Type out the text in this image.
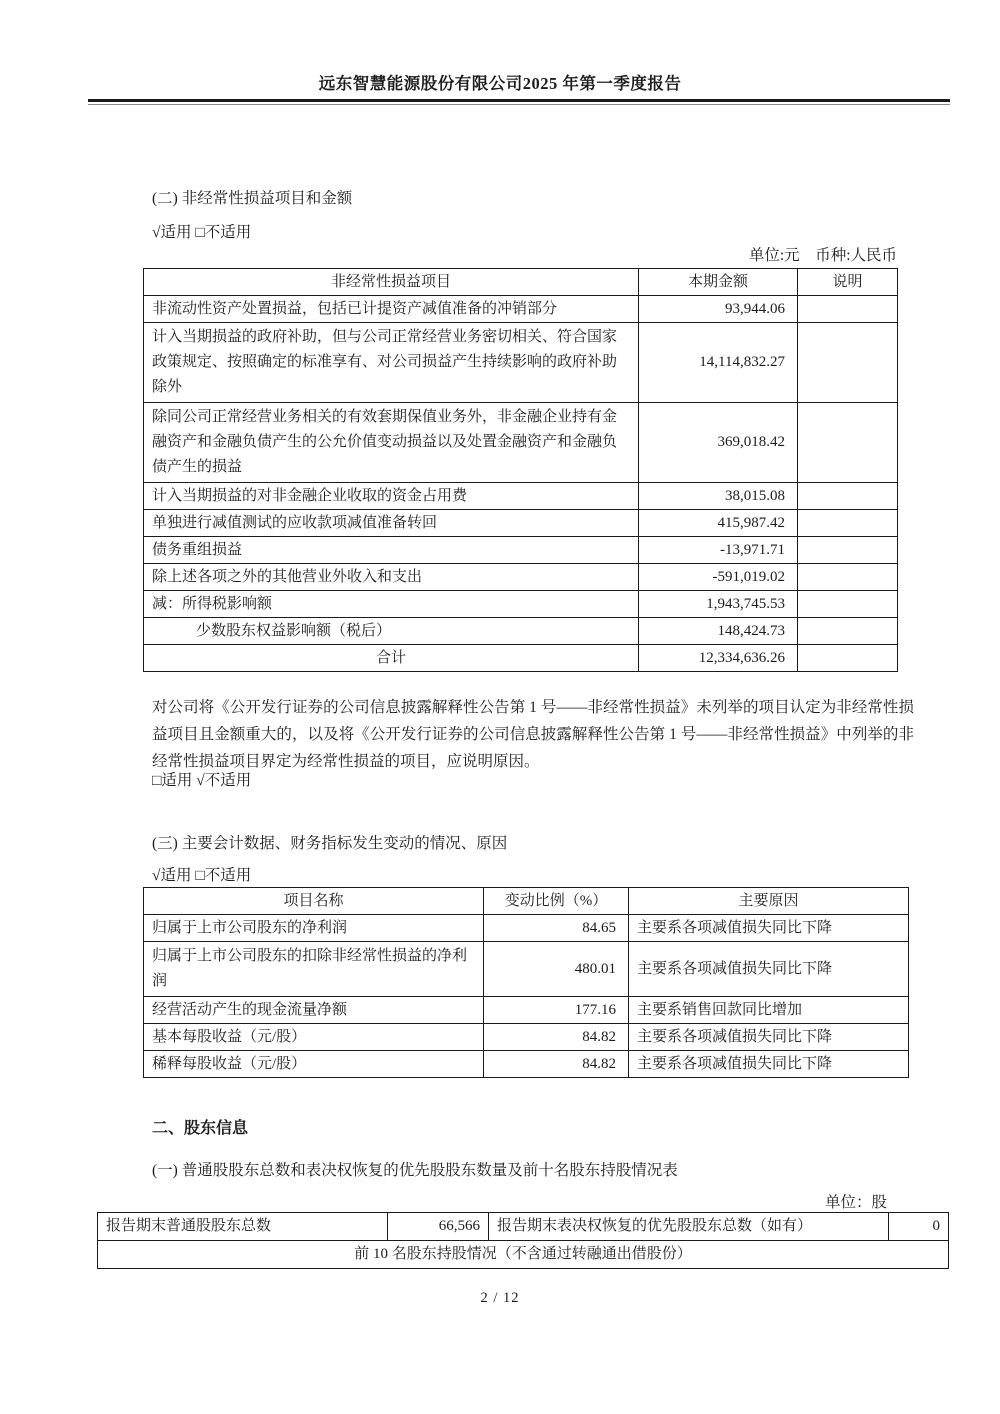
远东智慧能源股份有限公司2025 年第一季度报告
(二) 非经常性损益项目和金额
√适用 □不适用
单位:元 币种:人民币
非经常性损益项目	本期金额	说明
非流动性资产处置损益，包括已计提资产减值准备的冲销部分	93,944.06	
计入当期损益的政府补助，但与公司正常经营业务密切相关、符合国家政策规定、按照确定的标准享有、对公司损益产生持续影响的政府补助除外	14,114,832.27	
除同公司正常经营业务相关的有效套期保值业务外，非金融企业持有金融资产和金融负债产生的公允价值变动损益以及处置金融资产和金融负债产生的损益	369,018.42	
计入当期损益的对非金融企业收取的资金占用费	38,015.08	
单独进行减值测试的应收款项减值准备转回	415,987.42	
债务重组损益	-13,971.71	
除上述各项之外的其他营业外收入和支出	-591,019.02	
减：所得税影响额	1,943,745.53	
少数股东权益影响额（税后）	148,424.73	
合计	12,334,636.26	
对公司将《公开发行证券的公司信息披露解释性公告第 1 号——非经常性损益》未列举的项目认定为非经常性损益项目且金额重大的，以及将《公开发行证券的公司信息披露解释性公告第 1 号——非经常性损益》中列举的非经常性损益项目界定为经常性损益的项目，应说明原因。
□适用 √不适用
(三) 主要会计数据、财务指标发生变动的情况、原因
√适用 □不适用
项目名称	变动比例（%）	主要原因
归属于上市公司股东的净利润	84.65	主要系各项减值损失同比下降
归属于上市公司股东的扣除非经常性损益的净利润	480.01	主要系各项减值损失同比下降
经营活动产生的现金流量净额	177.16	主要系销售回款同比增加
基本每股收益（元/股）	84.82	主要系各项减值损失同比下降
稀释每股收益（元/股）	84.82	主要系各项减值损失同比下降
二、股东信息
(一) 普通股股东总数和表决权恢复的优先股股东数量及前十名股东持股情况表
单位：股
报告期末普通股股东总数	66,566	报告期末表决权恢复的优先股股东总数（如有）	0
前 10 名股东持股情况（不含通过转融通出借股份）
2 / 12
